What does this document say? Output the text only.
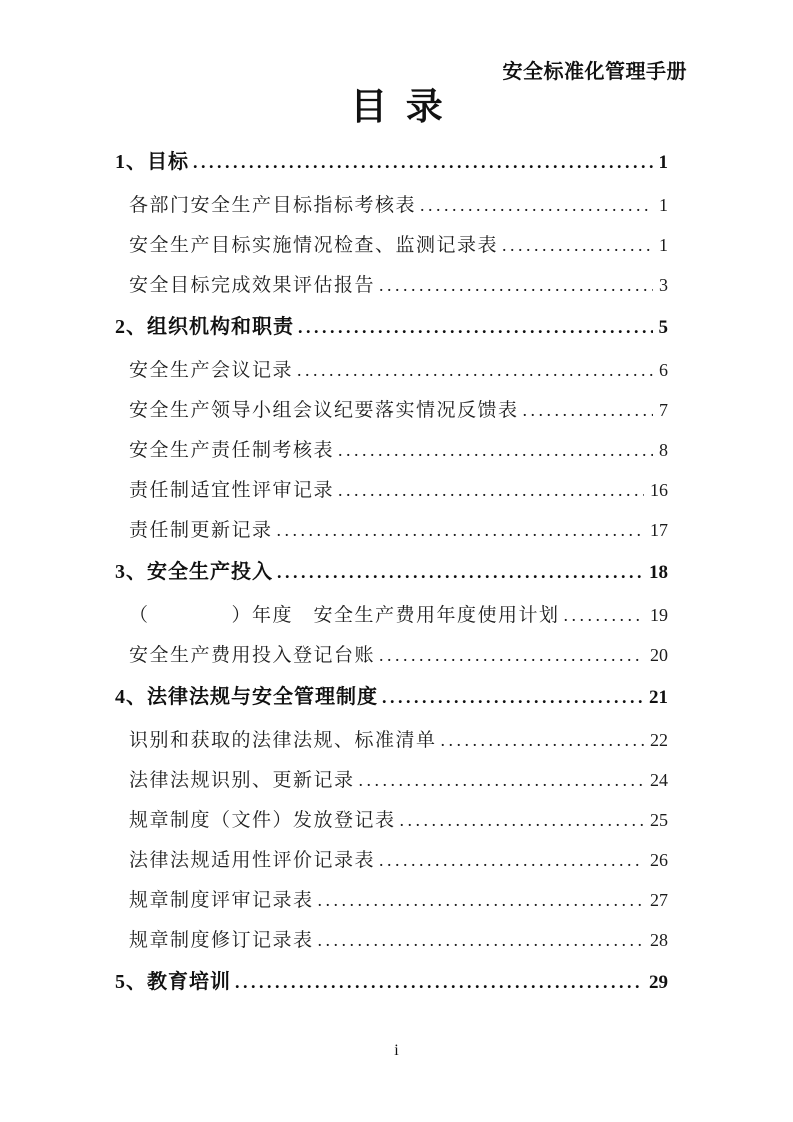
安全标准化管理手册
目  录
1、目标 .....	1
各部门安全生产目标指标考核表 .....	1
安全生产目标实施情况检查、监测记录表 .....	1
安全目标完成效果评估报告 .....	3
2、组织机构和职责 .....	5
安全生产会议记录 .....	6
安全生产领导小组会议纪要落实情况反馈表 .....	7
安全生产责任制考核表 .....	8
责任制适宜性评审记录 .....	16
责任制更新记录 .....	17
3、安全生产投入 .....	18
（　　　　）年度　安全生产费用年度使用计划 .....	19
安全生产费用投入登记台账 .....	20
4、法律法规与安全管理制度 .....	21
识别和获取的法律法规、标准清单 .....	22
法律法规识别、更新记录 .....	24
规章制度（文件）发放登记表 .....	25
法律法规适用性评价记录表 .....	26
规章制度评审记录表 .....	27
规章制度修订记录表 .....	28
5、教育培训 .....	29
i
